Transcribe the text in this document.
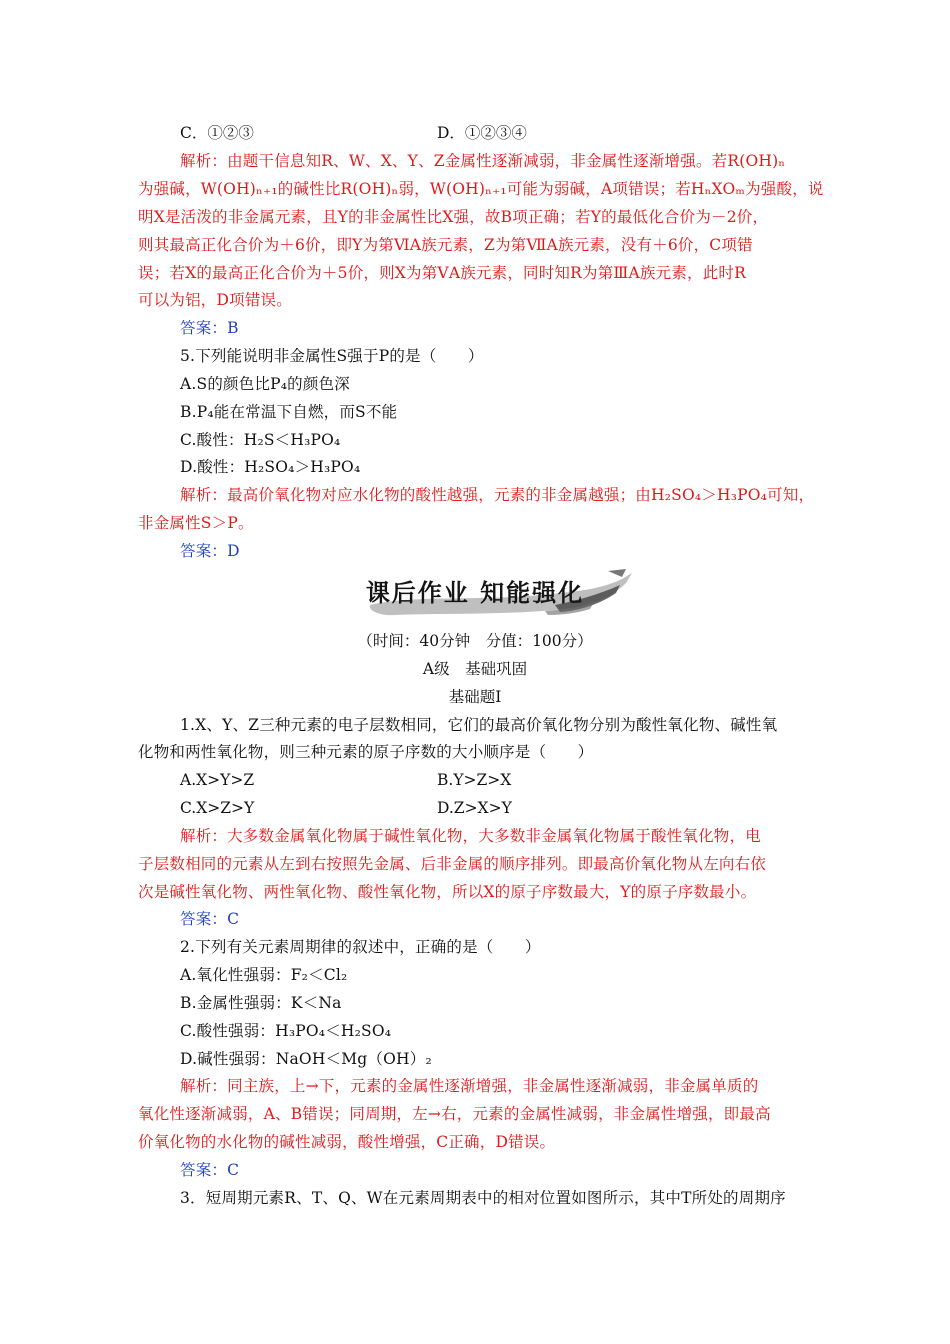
C．①②③	D．①②③④
解析：由题干信息知R、W、X、Y、Z金属性逐渐减弱，非金属性逐渐增强。若R(OH)ₙ
为强碱，W(OH)ₙ₊₁的碱性比R(OH)ₙ弱，W(OH)ₙ₊₁可能为弱碱，A项错误；若HₙXOₘ为强酸，说
明X是活泼的非金属元素，且Y的非金属性比X强，故B项正确；若Y的最低化合价为－2价，
则其最高正化合价为＋6价，即Y为第ⅥA族元素，Z为第ⅦA族元素，没有＋6价，C项错
误；若X的最高正化合价为＋5价，则X为第ⅤA族元素，同时知R为第ⅢA族元素，此时R
可以为铝，D项错误。
答案：B
5.下列能说明非金属性S强于P的是（　　）
A.S的颜色比P₄的颜色深
B.P₄能在常温下自燃，而S不能
C.酸性：H₂S＜H₃PO₄
D.酸性：H₂SO₄＞H₃PO₄
解析：最高价氧化物对应水化物的酸性越强，元素的非金属越强；由H₂SO₄＞H₃PO₄可知，
非金属性S＞P。
答案：D
课后作业 知能强化
（时间：40分钟　分值：100分）
A级　基础巩固
基础题Ⅰ
1.X、Y、Z三种元素的电子层数相同，它们的最高价氧化物分别为酸性氧化物、碱性氧
化物和两性氧化物，则三种元素的原子序数的大小顺序是（　　）
A.X>Y>Z	B.Y>Z>X
C.X>Z>Y	D.Z>X>Y
解析：大多数金属氧化物属于碱性氧化物，大多数非金属氧化物属于酸性氧化物，电
子层数相同的元素从左到右按照先金属、后非金属的顺序排列。即最高价氧化物从左向右依
次是碱性氧化物、两性氧化物、酸性氧化物，所以X的原子序数最大，Y的原子序数最小。
答案：C
2.下列有关元素周期律的叙述中，正确的是（　　）
A.氧化性强弱：F₂＜Cl₂
B.金属性强弱：K＜Na
C.酸性强弱：H₃PO₄＜H₂SO₄
D.碱性强弱：NaOH＜Mg（OH）₂
解析：同主族，上→下，元素的金属性逐渐增强，非金属性逐渐减弱，非金属单质的
氧化性逐渐减弱，A、B错误；同周期，左→右，元素的金属性减弱，非金属性增强，即最高
价氧化物的水化物的碱性减弱，酸性增强，C正确，D错误。
答案：C
3．短周期元素R、T、Q、W在元素周期表中的相对位置如图所示，其中T所处的周期序
